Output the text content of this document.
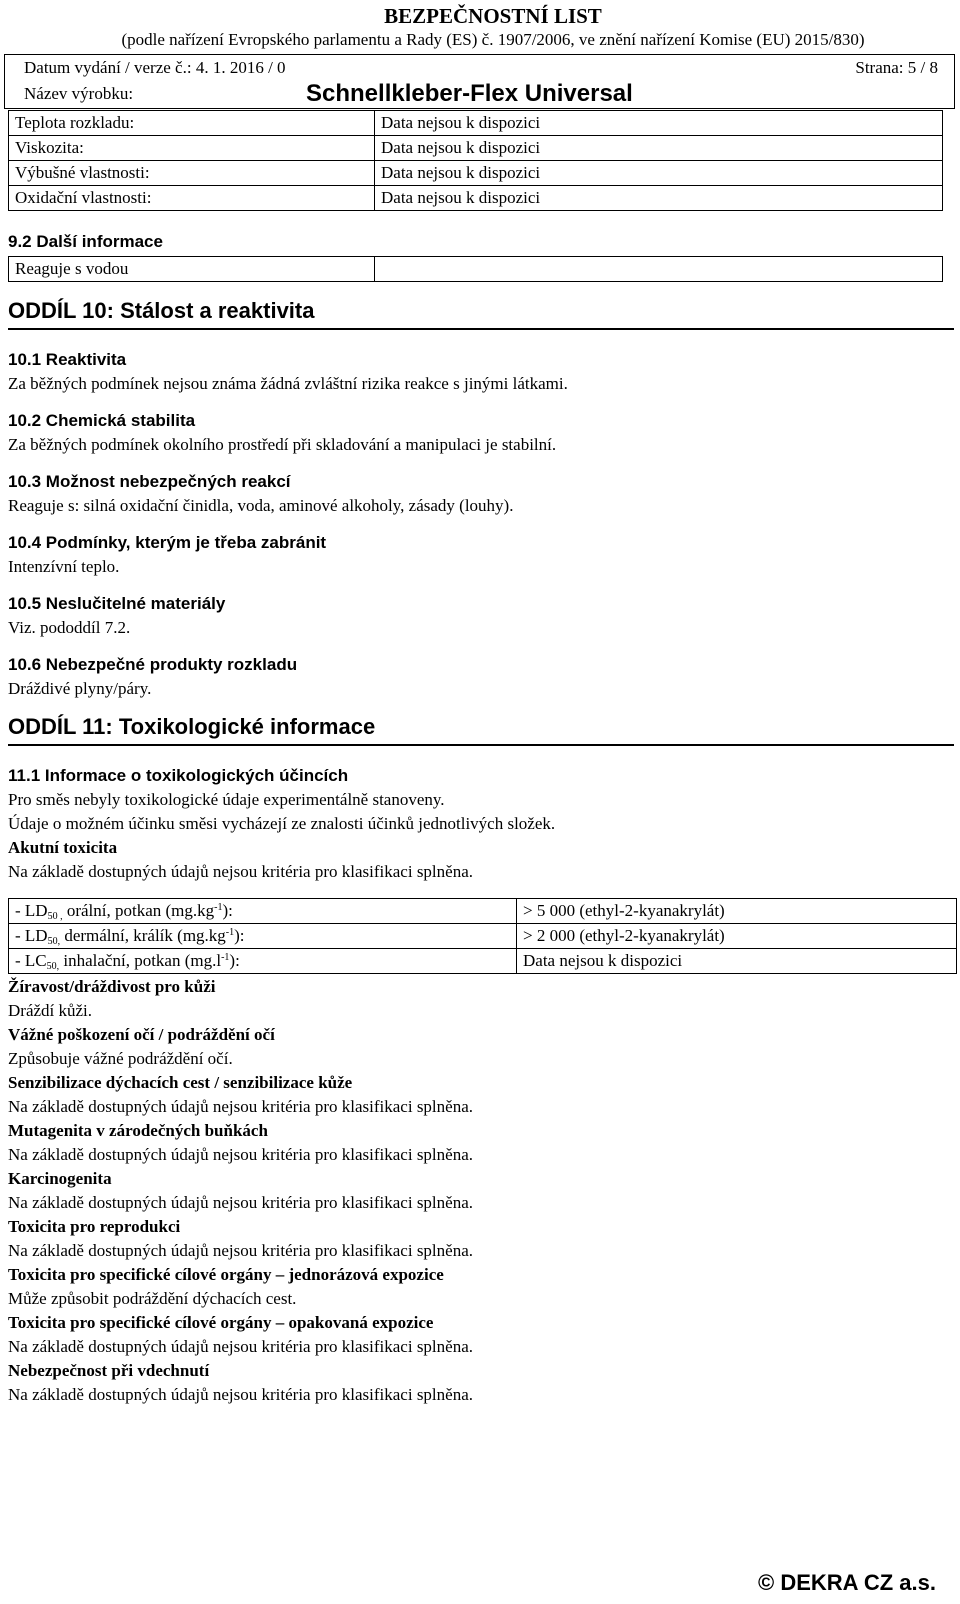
BEZPEČNOSTNÍ LIST
(podle nařízení Evropského parlamentu a Rady (ES) č. 1907/2006, ve znění nařízení Komise (EU) 2015/830)
Datum vydání / verze č.: 4. 1. 2016 / 0	Strana: 5 / 8
Název výrobku:	Schnellkleber-Flex Universal
Teplota rozkladu:	Data nejsou k dispozici
Viskozita:	Data nejsou k dispozici
Výbušné vlastnosti:	Data nejsou k dispozici
Oxidační vlastnosti:	Data nejsou k dispozici
9.2 Další informace
Reaguje s vodou	
ODDÍL 10: Stálost a reaktivita
10.1 Reaktivita
Za běžných podmínek nejsou známa žádná zvláštní rizika reakce s jinými látkami.
10.2 Chemická stabilita
Za běžných podmínek okolního prostředí při skladování a manipulaci je stabilní.
10.3 Možnost nebezpečných reakcí
Reaguje s: silná oxidační činidla, voda, aminové alkoholy, zásady (louhy).
10.4 Podmínky, kterým je třeba zabránit
Intenzívní teplo.
10.5 Neslučitelné materiály
Viz. pododdíl 7.2.
10.6 Nebezpečné produkty rozkladu
Dráždivé plyny/páry.
ODDÍL 11: Toxikologické informace
11.1 Informace o toxikologických účincích
Pro směs nebyly toxikologické údaje experimentálně stanoveny.
Údaje o možném účinku směsi vycházejí ze znalosti účinků jednotlivých složek.
Akutní toxicita
Na základě dostupných údajů nejsou kritéria pro klasifikaci splněna.
- $LD_{50 ,}$ orální, potkan $(mg.kg^{-1})$:	> 5 000 (ethyl-2-kyanakrylát)
- $LD_{50,}$ dermální, králík $(mg.kg^{-1})$:	> 2 000 (ethyl-2-kyanakrylát)
- $LC_{50,}$ inhalační, potkan $(mg.l^{-1})$:	Data nejsou k dispozici
Žíravost/dráždivost pro kůži
Dráždí kůži.
Vážné poškození očí / podráždění očí
Způsobuje vážné podráždění očí.
Senzibilizace dýchacích cest / senzibilizace kůže
Na základě dostupných údajů nejsou kritéria pro klasifikaci splněna.
Mutagenita v zárodečných buňkách
Na základě dostupných údajů nejsou kritéria pro klasifikaci splněna.
Karcinogenita
Na základě dostupných údajů nejsou kritéria pro klasifikaci splněna.
Toxicita pro reprodukci
Na základě dostupných údajů nejsou kritéria pro klasifikaci splněna.
Toxicita pro specifické cílové orgány – jednorázová expozice
Může způsobit podráždění dýchacích cest.
Toxicita pro specifické cílové orgány – opakovaná expozice
Na základě dostupných údajů nejsou kritéria pro klasifikaci splněna.
Nebezpečnost při vdechnutí
Na základě dostupných údajů nejsou kritéria pro klasifikaci splněna.
© DEKRA CZ a.s.
